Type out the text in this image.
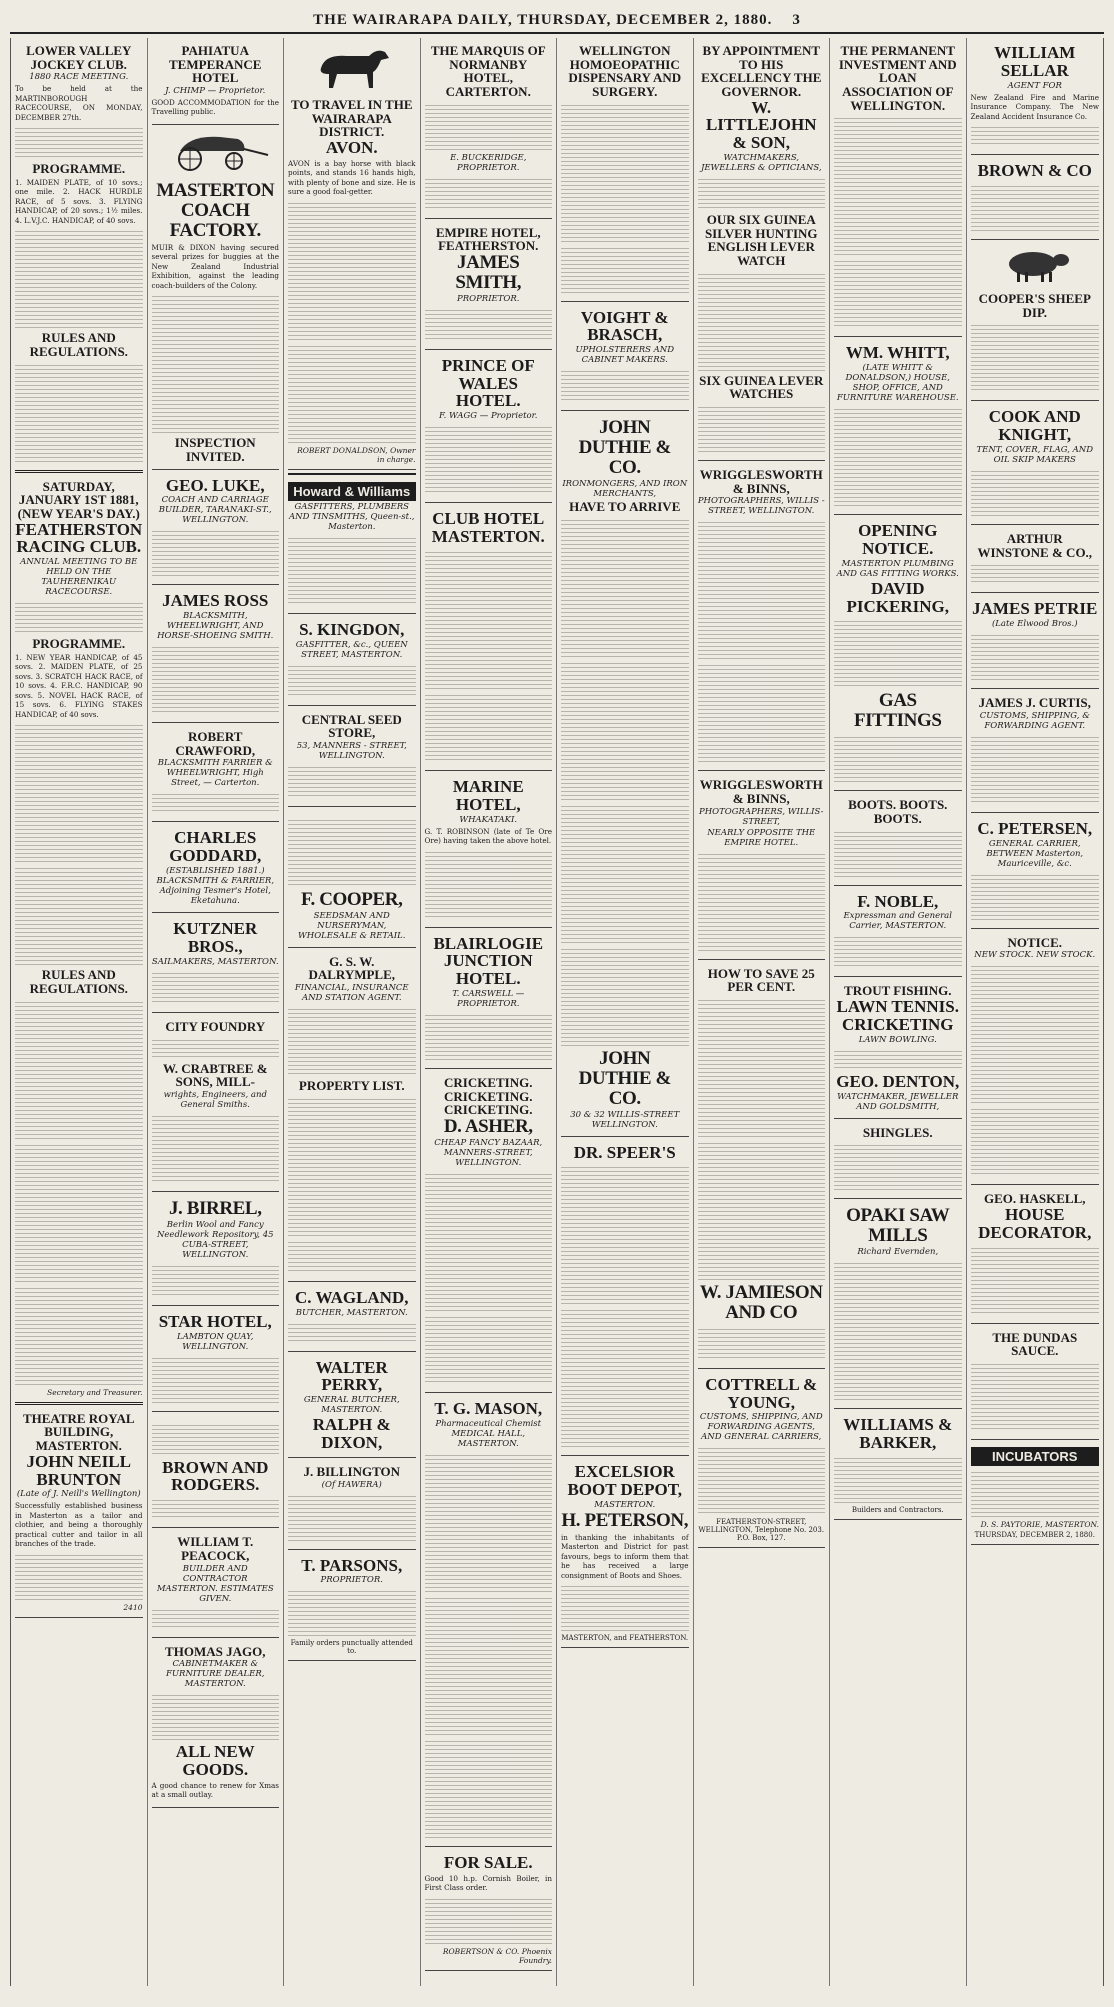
THE WAIRARAPA DAILY, THURSDAY, DECEMBER 2, 1880. 3
LOWER VALLEY JOCKEY CLUB.
1880 RACE MEETING.
To be held at the MARTINBOROUGH RACECOURSE, ON MONDAY, DECEMBER 27th.
PROGRAMME.
1. MAIDEN PLATE, of 10 sovs.; one mile. 2. HACK HURDLE RACE, of 5 sovs. 3. FLYING HANDICAP, of 20 sovs.; 1½ miles. 4. L.V.J.C. HANDICAP, of 40 sovs.
RULES AND REGULATIONS.
SATURDAY, JANUARY 1ST 1881, (NEW YEAR'S DAY.)
FEATHERSTON RACING CLUB.
ANNUAL MEETING TO BE HELD ON THE TAUHERENIKAU RACECOURSE.
PROGRAMME.
1. NEW YEAR HANDICAP, of 45 sovs. 2. MAIDEN PLATE, of 25 sovs. 3. SCRATCH HACK RACE, of 10 sovs. 4. F.R.C. HANDICAP, 90 sovs. 5. NOVEL HACK RACE, of 15 sovs. 6. FLYING STAKES HANDICAP, of 40 sovs.
RULES AND REGULATIONS.
Secretary and Treasurer.
THEATRE ROYAL BUILDING, MASTERTON.
JOHN NEILL BRUNTON
(Late of J. Neill's Wellington)
Successfully established business in Masterton as a tailor and clothier, and being a thoroughly practical cutter and tailor in all branches of the trade.
2410
PAHIATUA TEMPERANCE HOTEL
J. CHIMP — Proprietor.
GOOD ACCOMMODATION for the Travelling public.
MASTERTON COACH FACTORY.
MUIR & DIXON having secured several prizes for buggies at the New Zealand Industrial Exhibition, against the leading coach-builders of the Colony.
INSPECTION INVITED.
GEO. LUKE,
COACH AND CARRIAGE BUILDER, TARANAKI-ST., WELLINGTON.
JAMES ROSS
BLACKSMITH, WHEELWRIGHT, AND HORSE-SHOEING SMITH.
ROBERT CRAWFORD,
BLACKSMITH FARRIER & WHEELWRIGHT, High Street, — Carterton.
CHARLES GODDARD,
(ESTABLISHED 1881.) BLACKSMITH & FARRIER, Adjoining Tesmer's Hotel, Eketahuna.
KUTZNER BROS.,
SAILMAKERS, MASTERTON.
CITY FOUNDRY
W. CRABTREE & SONS, MILL-
wrights, Engineers, and General Smiths.
J. BIRREL,
Berlin Wool and Fancy Needlework Repository, 45 CUBA-STREET, WELLINGTON.
STAR HOTEL,
LAMBTON QUAY, WELLINGTON.
BROWN AND RODGERS.
WILLIAM T. PEACOCK,
BUILDER AND CONTRACTOR MASTERTON. ESTIMATES GIVEN.
THOMAS JAGO,
CABINETMAKER & FURNITURE DEALER, MASTERTON.
ALL NEW GOODS.
A good chance to renew for Xmas at a small outlay.
TO TRAVEL IN THE WAIRARAPA DISTRICT.
AVON.
AVON is a bay horse with black points, and stands 16 hands high, with plenty of bone and size. He is sure a good foal-getter.
ROBERT DONALDSON, Owner in charge.
Howard & Williams
GASFITTERS, PLUMBERS AND TINSMITHS, Queen-st., Masterton.
S. KINGDON,
GASFITTER, &c., QUEEN STREET, MASTERTON.
CENTRAL SEED STORE,
53, MANNERS - STREET, WELLINGTON.
F. COOPER,
SEEDSMAN AND NURSERYMAN, WHOLESALE & RETAIL.
G. S. W. DALRYMPLE,
FINANCIAL, INSURANCE AND STATION AGENT.
PROPERTY LIST.
C. WAGLAND,
BUTCHER, MASTERTON.
WALTER PERRY,
GENERAL BUTCHER, MASTERTON.
RALPH & DIXON,
J. BILLINGTON
(Of HAWERA)
T. PARSONS,
PROPRIETOR.
Family orders punctually attended to.
THE MARQUIS OF NORMANBY HOTEL, CARTERTON.
E. BUCKERIDGE, PROPRIETOR.
EMPIRE HOTEL, FEATHERSTON.
JAMES SMITH,
PROPRIETOR.
PRINCE OF WALES HOTEL.
F. WAGG — Proprietor.
CLUB HOTEL MASTERTON.
MARINE HOTEL,
WHAKATAKI.
G. T. ROBINSON (late of Te Ore Ore) having taken the above hotel.
BLAIRLOGIE JUNCTION HOTEL.
T. CARSWELL — PROPRIETOR.
CRICKETING. CRICKETING. CRICKETING.
D. ASHER,
CHEAP FANCY BAZAAR, MANNERS-STREET, WELLINGTON.
T. G. MASON,
Pharmaceutical Chemist MEDICAL HALL, MASTERTON.
FOR SALE.
Good 10 h.p. Cornish Boiler, in First Class order.
ROBERTSON & CO. Phoenix Foundry.
WELLINGTON HOMOEOPATHIC DISPENSARY AND SURGERY.
VOIGHT & BRASCH,
UPHOLSTERERS AND CABINET MAKERS.
JOHN DUTHIE & CO.
IRONMONGERS, AND IRON MERCHANTS,
HAVE TO ARRIVE
JOHN DUTHIE & CO.
30 & 32 WILLIS-STREET WELLINGTON.
DR. SPEER'S
EXCELSIOR BOOT DEPOT,
MASTERTON.
H. PETERSON,
in thanking the inhabitants of Masterton and District for past favours, begs to inform them that he has received a large consignment of Boots and Shoes.
MASTERTON, and FEATHERSTON.
BY APPOINTMENT TO HIS EXCELLENCY THE GOVERNOR.
W. LITTLEJOHN & SON,
WATCHMAKERS, JEWELLERS & OPTICIANS,
OUR SIX GUINEA SILVER HUNTING ENGLISH LEVER WATCH
SIX GUINEA LEVER WATCHES
WRIGGLESWORTH & BINNS,
PHOTOGRAPHERS, WILLIS - STREET, WELLINGTON.
WRIGGLESWORTH & BINNS,
PHOTOGRAPHERS, WILLIS-STREET,
NEARLY OPPOSITE THE EMPIRE HOTEL.
HOW TO SAVE 25 PER CENT.
W. JAMIESON AND CO
COTTRELL & YOUNG,
CUSTOMS, SHIPPING, AND FORWARDING AGENTS, AND GENERAL CARRIERS,
FEATHERSTON-STREET, WELLINGTON, Telephone No. 203. P.O. Box, 127.
THE PERMANENT INVESTMENT AND LOAN ASSOCIATION OF WELLINGTON.
WM. WHITT,
(LATE WHITT & DONALDSON,) HOUSE, SHOP, OFFICE, AND FURNITURE WAREHOUSE.
OPENING NOTICE.
MASTERTON PLUMBING AND GAS FITTING WORKS.
DAVID PICKERING,
GAS FITTINGS
BOOTS. BOOTS. BOOTS.
F. NOBLE,
Expressman and General Carrier, MASTERTON.
TROUT FISHING.
LAWN TENNIS.
CRICKETING
LAWN BOWLING.
GEO. DENTON,
WATCHMAKER, JEWELLER AND GOLDSMITH,
SHINGLES.
OPAKI SAW MILLS
Richard Evernden,
WILLIAMS & BARKER,
Builders and Contractors.
WILLIAM SELLAR
AGENT FOR
New Zealand Fire and Marine Insurance Company. The New Zealand Accident Insurance Co.
BROWN & CO
COOPER'S SHEEP DIP.
COOK AND KNIGHT,
TENT, COVER, FLAG, AND OIL SKIP MAKERS
ARTHUR WINSTONE & CO.,
JAMES PETRIE
(Late Elwood Bros.)
JAMES J. CURTIS,
CUSTOMS, SHIPPING, & FORWARDING AGENT.
C. PETERSEN,
GENERAL CARRIER, BETWEEN Masterton, Mauriceville, &c.
NOTICE.
NEW STOCK. NEW STOCK.
GEO. HASKELL,
HOUSE DECORATOR,
THE DUNDAS SAUCE.
INCUBATORS
D. S. PAYTORIE, MASTERTON.
THURSDAY, DECEMBER 2, 1880.
